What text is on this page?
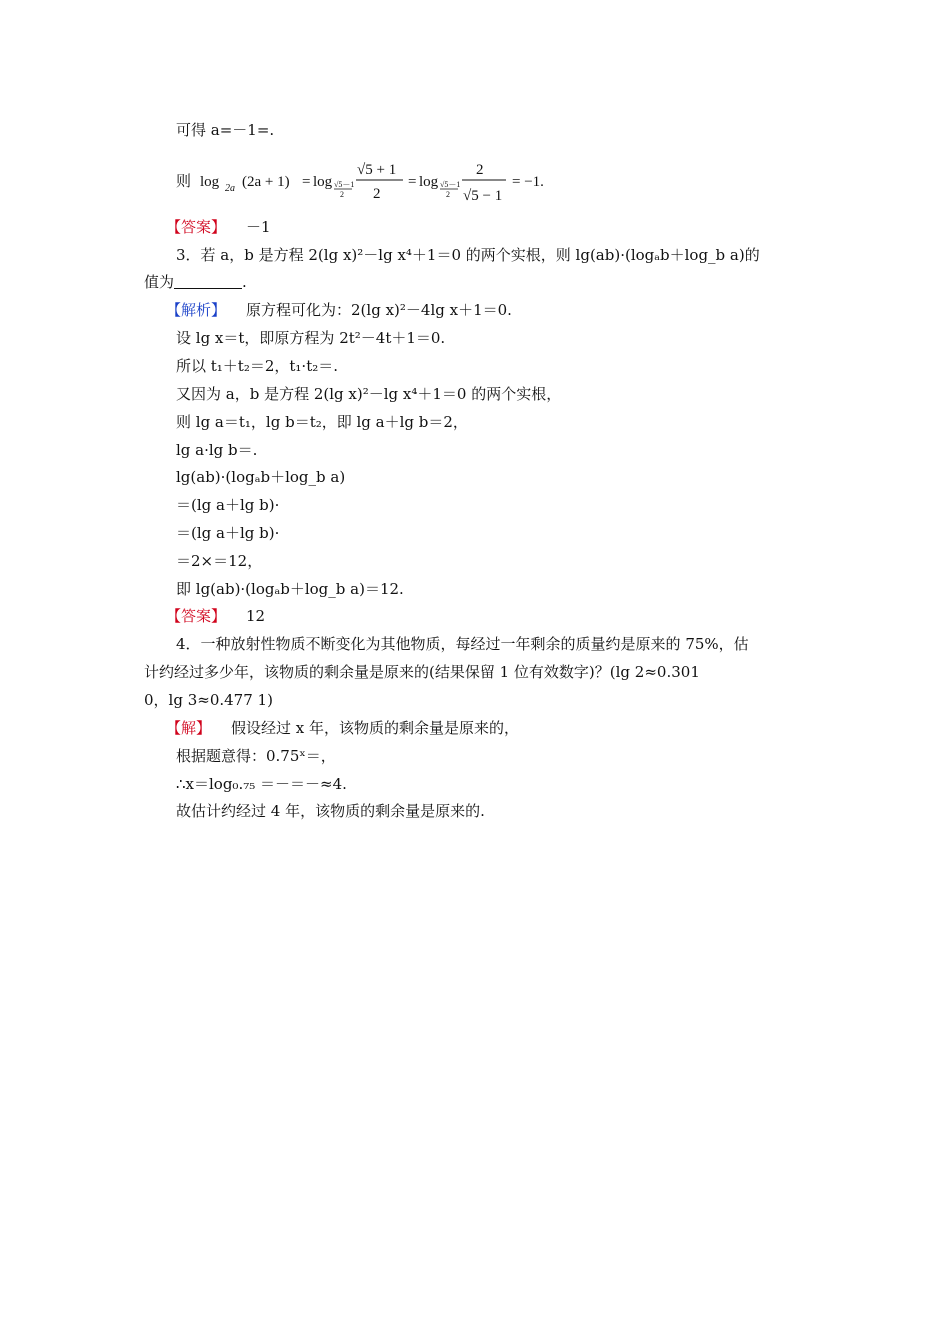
可得 a=－1=.
则 log 2a (2a + 1) = log √5－1
2
√5 + 1
2
= log √5－1
2
2
√5 − 1
= −1.
【答案】 －1
3．若 a，b 是方程 2(lg x)²－lg x⁴＋1＝0 的两个实根，则 lg(ab)·(logₐb＋log_b a)的
值为	.
【解析】 原方程可化为：2(lg x)²－4lg x＋1＝0.
设 lg x＝t，即原方程为 2t²－4t＋1＝0.
所以 t₁＋t₂＝2，t₁·t₂＝.
又因为 a，b 是方程 2(lg x)²－lg x⁴＋1＝0 的两个实根，
则 lg a＝t₁，lg b＝t₂，即 lg a＋lg b＝2，
lg a·lg b＝.
lg(ab)·(logₐb＋log_b a)
＝(lg a＋lg b)·
＝(lg a＋lg b)·
＝2×＝12，
即 lg(ab)·(logₐb＋log_b a)＝12.
【答案】 12
4．一种放射性物质不断变化为其他物质，每经过一年剩余的质量约是原来的 75%，估
计约经过多少年，该物质的剩余量是原来的(结果保留 1 位有效数字)？(lg 2≈0.301
0，lg 3≈0.477 1)
【解】 假设经过 x 年，该物质的剩余量是原来的，
根据题意得：0.75ˣ＝，
∴x＝log₀.₇₅ ＝－＝－≈4.
故估计约经过 4 年，该物质的剩余量是原来的.
